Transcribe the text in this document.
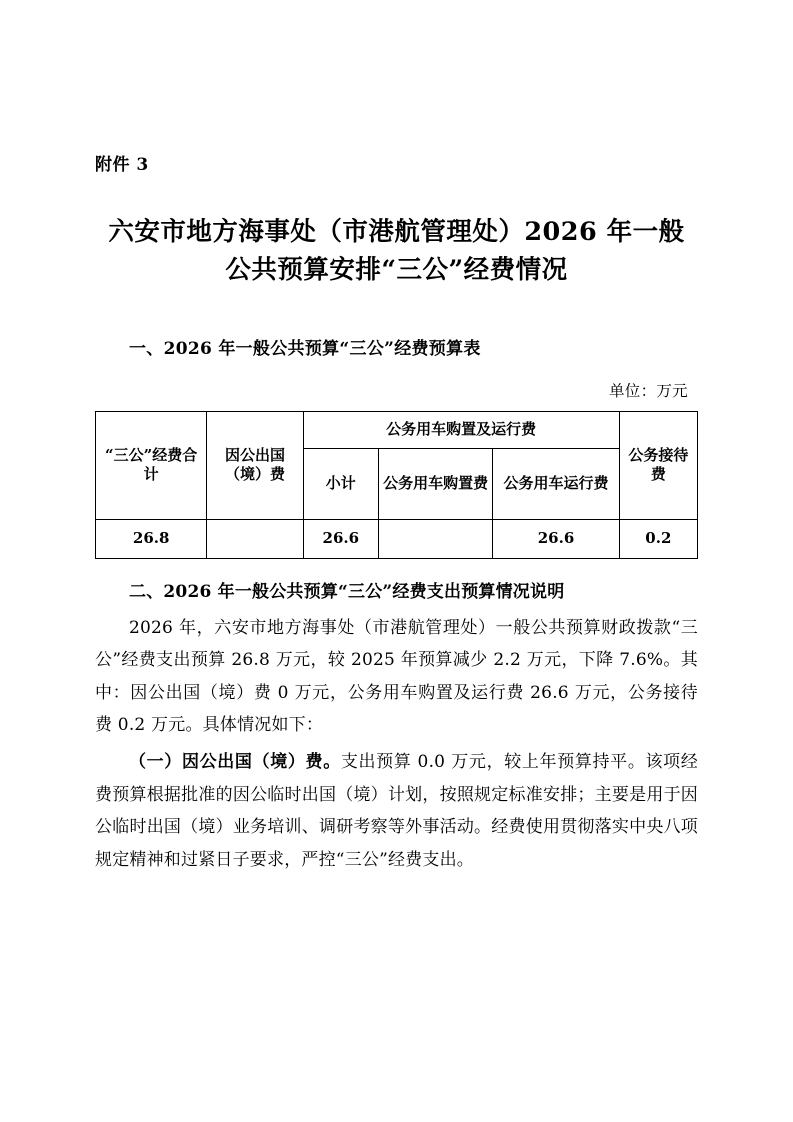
附件 3
六安市地方海事处（市港航管理处）2026 年一般公共预算安排“三公”经费情况
一、2026 年一般公共预算“三公”经费预算表
单位：万元
“三公”经费合计	因公出国（境）费	公务用车购置及运行费			公务接待费
		小计	公务用车购置费	公务用车运行费	
26.8		26.6		26.6	0.2
二、2026 年一般公共预算“三公”经费支出预算情况说明

2026 年，六安市地方海事处（市港航管理处）一般公共预算财政拨款“三公”经费支出预算 26.8 万元，较 2025 年预算减少 2.2 万元，下降 7.6%。其中：因公出国（境）费 0 万元，公务用车购置及运行费 26.6 万元，公务接待费 0.2 万元。具体情况如下：

（一）因公出国（境）费。支出预算 0.0 万元，较上年预算持平。该项经费预算根据批准的因公临时出国（境）计划，按照规定标准安排；主要是用于因公临时出国（境）业务培训、调研考察等外事活动。经费使用贯彻落实中央八项规定精神和过紧日子要求，严控“三公”经费支出。
